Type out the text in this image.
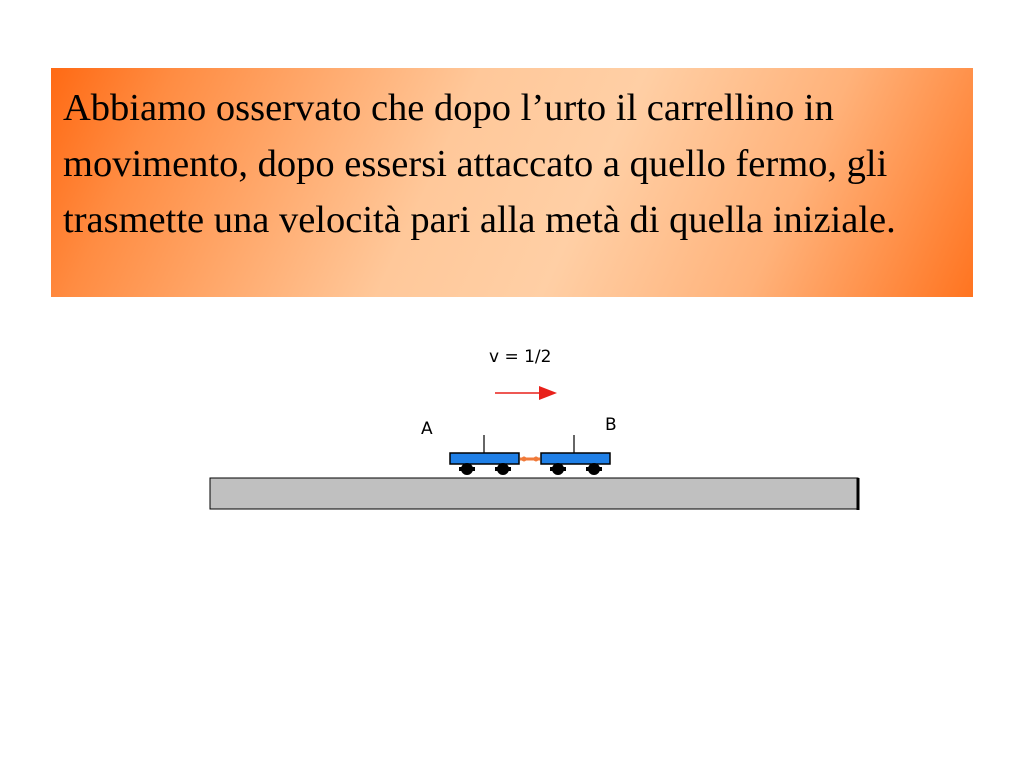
Abbiamo osservato che dopo l’urto il carrellino in movimento, dopo essersi attaccato a quello fermo, gli trasmette una velocità pari alla metà di quella iniziale.

v = 1/2
A	B
